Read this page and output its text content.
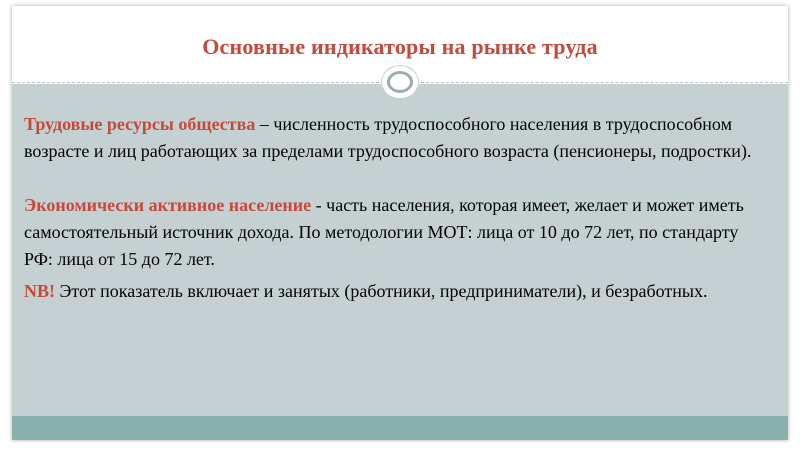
Основные индикаторы на рынке труда

Трудовые ресурсы общества – численность трудоспособного населения в трудоспособном возрасте и лиц работающих за пределами трудоспособного возраста (пенсионеры, подростки).

Экономически активное население - часть населения, которая имеет, желает и может иметь самостоятельный источник дохода. По методологии МОТ: лица от 10 до 72 лет, по стандарту РФ: лица от 15 до 72 лет.

NB! Этот показатель включает и занятых (работники, предприниматели), и безработных.
